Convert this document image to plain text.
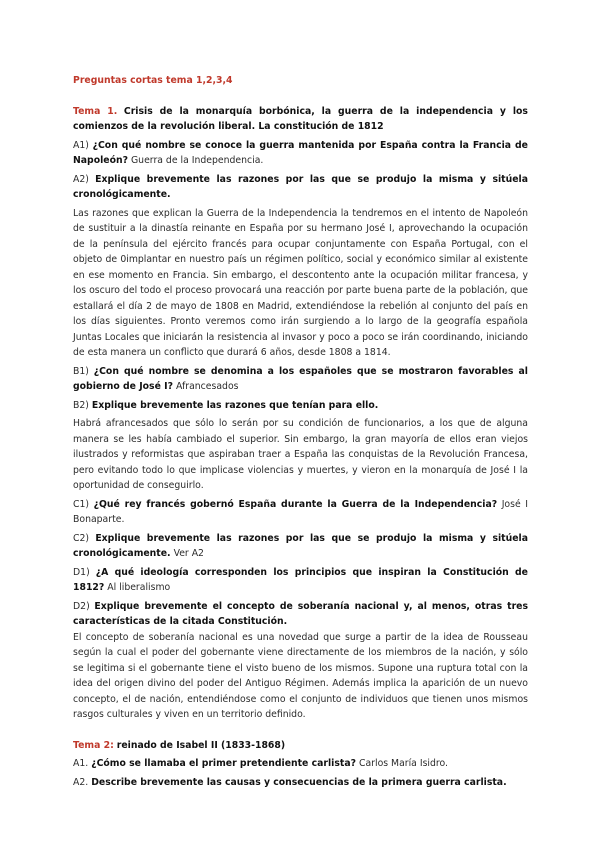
Preguntas cortas tema 1,2,3,4

Tema 1. Crisis de la monarquía borbónica, la guerra de la independencia y los comienzos de la revolución liberal. La constitución de 1812

A1) ¿Con qué nombre se conoce la guerra mantenida por España contra la Francia de Napoleón? Guerra de la Independencia.

A2) Explique brevemente las razones por las que se produjo la misma y sitúela cronológicamente.

Las razones que explican la Guerra de la Independencia la tendremos en el intento de Napoleón de sustituir a la dinastía reinante en España por su hermano José I, aprovechando la ocupación de la península del ejército francés para ocupar conjuntamente con España Portugal, con el objeto de 0implantar en nuestro país un régimen político, social y económico similar al existente en ese momento en Francia. Sin embargo, el descontento ante la ocupación militar francesa, y los oscuro del todo el proceso provocará una reacción por parte buena parte de la población, que estallará el día 2 de mayo de 1808 en Madrid, extendiéndose la rebelión al conjunto del país en los días siguientes. Pronto veremos como irán surgiendo a lo largo de la geografía española Juntas Locales que iniciarán la resistencia al invasor y poco a poco se irán coordinando, iniciando de esta manera un conflicto que durará 6 años, desde 1808 a 1814.

B1) ¿Con qué nombre se denomina a los españoles que se mostraron favorables al gobierno de José I? Afrancesados

B2) Explique brevemente las razones que tenían para ello.

Habrá afrancesados que sólo lo serán por su condición de funcionarios, a los que de alguna manera se les había cambiado el superior. Sin embargo, la gran mayoría de ellos eran viejos ilustrados y reformistas que aspiraban traer a España las conquistas de la Revolución Francesa, pero evitando todo lo que implicase violencias y muertes, y vieron en la monarquía de José I la oportunidad de conseguirlo.

C1) ¿Qué rey francés gobernó España durante la Guerra de la Independencia? José I Bonaparte.

C2) Explique brevemente las razones por las que se produjo la misma y sitúela cronológicamente. Ver A2

D1) ¿A qué ideología corresponden los principios que inspiran la Constitución de 1812? Al liberalismo

D2) Explique brevemente el concepto de soberanía nacional y, al menos, otras tres características de la citada Constitución.

El concepto de soberanía nacional es una novedad que surge a partir de la idea de Rousseau según la cual el poder del gobernante viene directamente de los miembros de la nación, y sólo se legitima si el gobernante tiene el visto bueno de los mismos. Supone una ruptura total con la idea del origen divino del poder del Antiguo Régimen. Además implica la aparición de un nuevo concepto, el de nación, entendiéndose como el conjunto de individuos que tienen unos mismos rasgos culturales y viven en un territorio definido.

Tema 2: reinado de Isabel II (1833-1868)

A1. ¿Cómo se llamaba el primer pretendiente carlista? Carlos María Isidro.

A2. Describe brevemente las causas y consecuencias de la primera guerra carlista.
